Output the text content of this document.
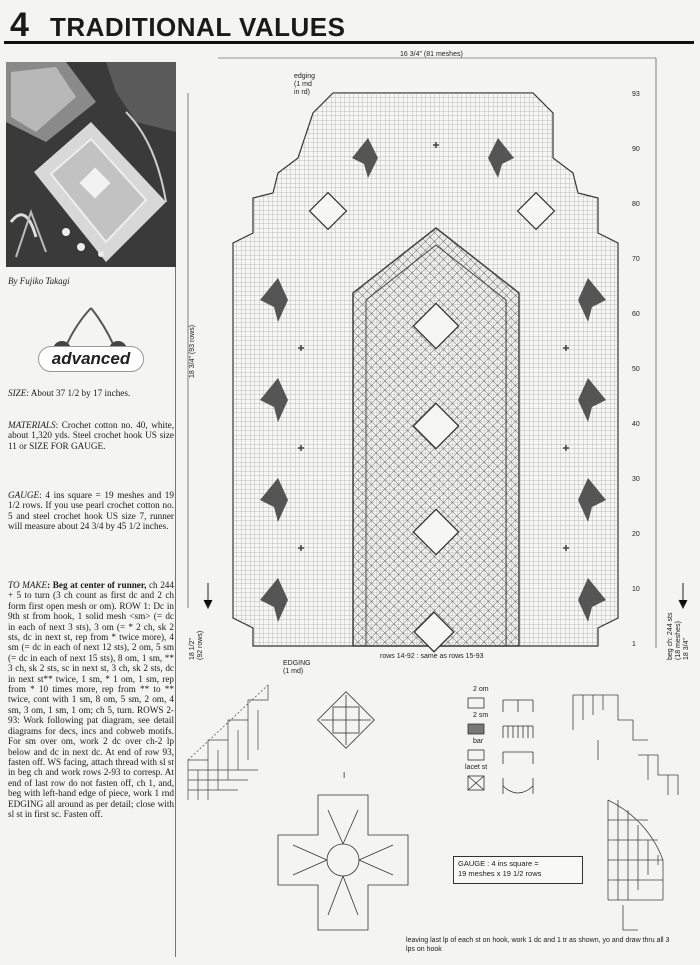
4 TRADITIONAL VALUES
By Fujiko Takagi
advanced
SIZE: About 37 1/2 by 17 inches.
MATERIALS: Crochet cotton no. 40, white, about 1,320 yds. Steel crochet hook US size 11 or SIZE FOR GAUGE.
GAUGE: 4 ins square = 19 meshes and 19 1/2 rows. If you use pearl crochet cotton no. 5 and steel crochet hook US size 7, runner will measure about 24 3/4 by 45 1/2 inches.
TO MAKE: Beg at center of runner, ch 244 + 5 to turn (3 ch count as first dc and 2 ch form first open mesh or om). ROW 1: Dc in 9th st from hook, 1 solid mesh <sm> (= dc in each of next 3 sts), 3 om (= * 2 ch, sk 2 sts, dc in next st, rep from * twice more), 4 sm (= dc in each of next 12 sts), 2 om, 5 sm (= dc in each of next 15 sts), 8 om, 1 sm, ** 3 ch, sk 2 sts, sc in next st, 3 ch, sk 2 sts, dc in next st** twice, 1 sm, * 1 om, 1 sm, rep from * 10 times more, rep from ** to ** twice, cont with 1 sm, 8 om, 5 sm, 2 om, 4 sm, 3 om, 1 sm, 1 om; ch 5, turn. ROWS 2-93: Work following pat diagram, see detail diagrams for decs, incs and cobweb motifs. For sm over om, work 2 dc over ch-2 lp below and dc in next dc. At end of row 93, fasten off. WS facing, attach thread with sl st in beg ch and work rows 2-93 to corresp. At end of last row do not fasten off, ch 1, and, beg with left-hand edge of piece, work 1 rnd EDGING all around as per detail; close with sl st in first sc. Fasten off.
16 3/4" (81 meshes)
18 3/4" (93 rows)
18 1/2"(92 rows)	beg ch: 244 sts(18 meshes)18 3/4"
edging (1 md in rd)	93
90
80
70
60
50
40
30
20
10
1
rows 14-92 : same as rows 15-93
EDGING (1 md)
I
2 om
2 sm
bar
lacet st
GAUGE : 4 ins square =
19 meshes x 19 1/2 rows
leaving last lp of each st on hook, work 1 dc and 1 tr as shown, yo and draw thru all 3 lps on hook
